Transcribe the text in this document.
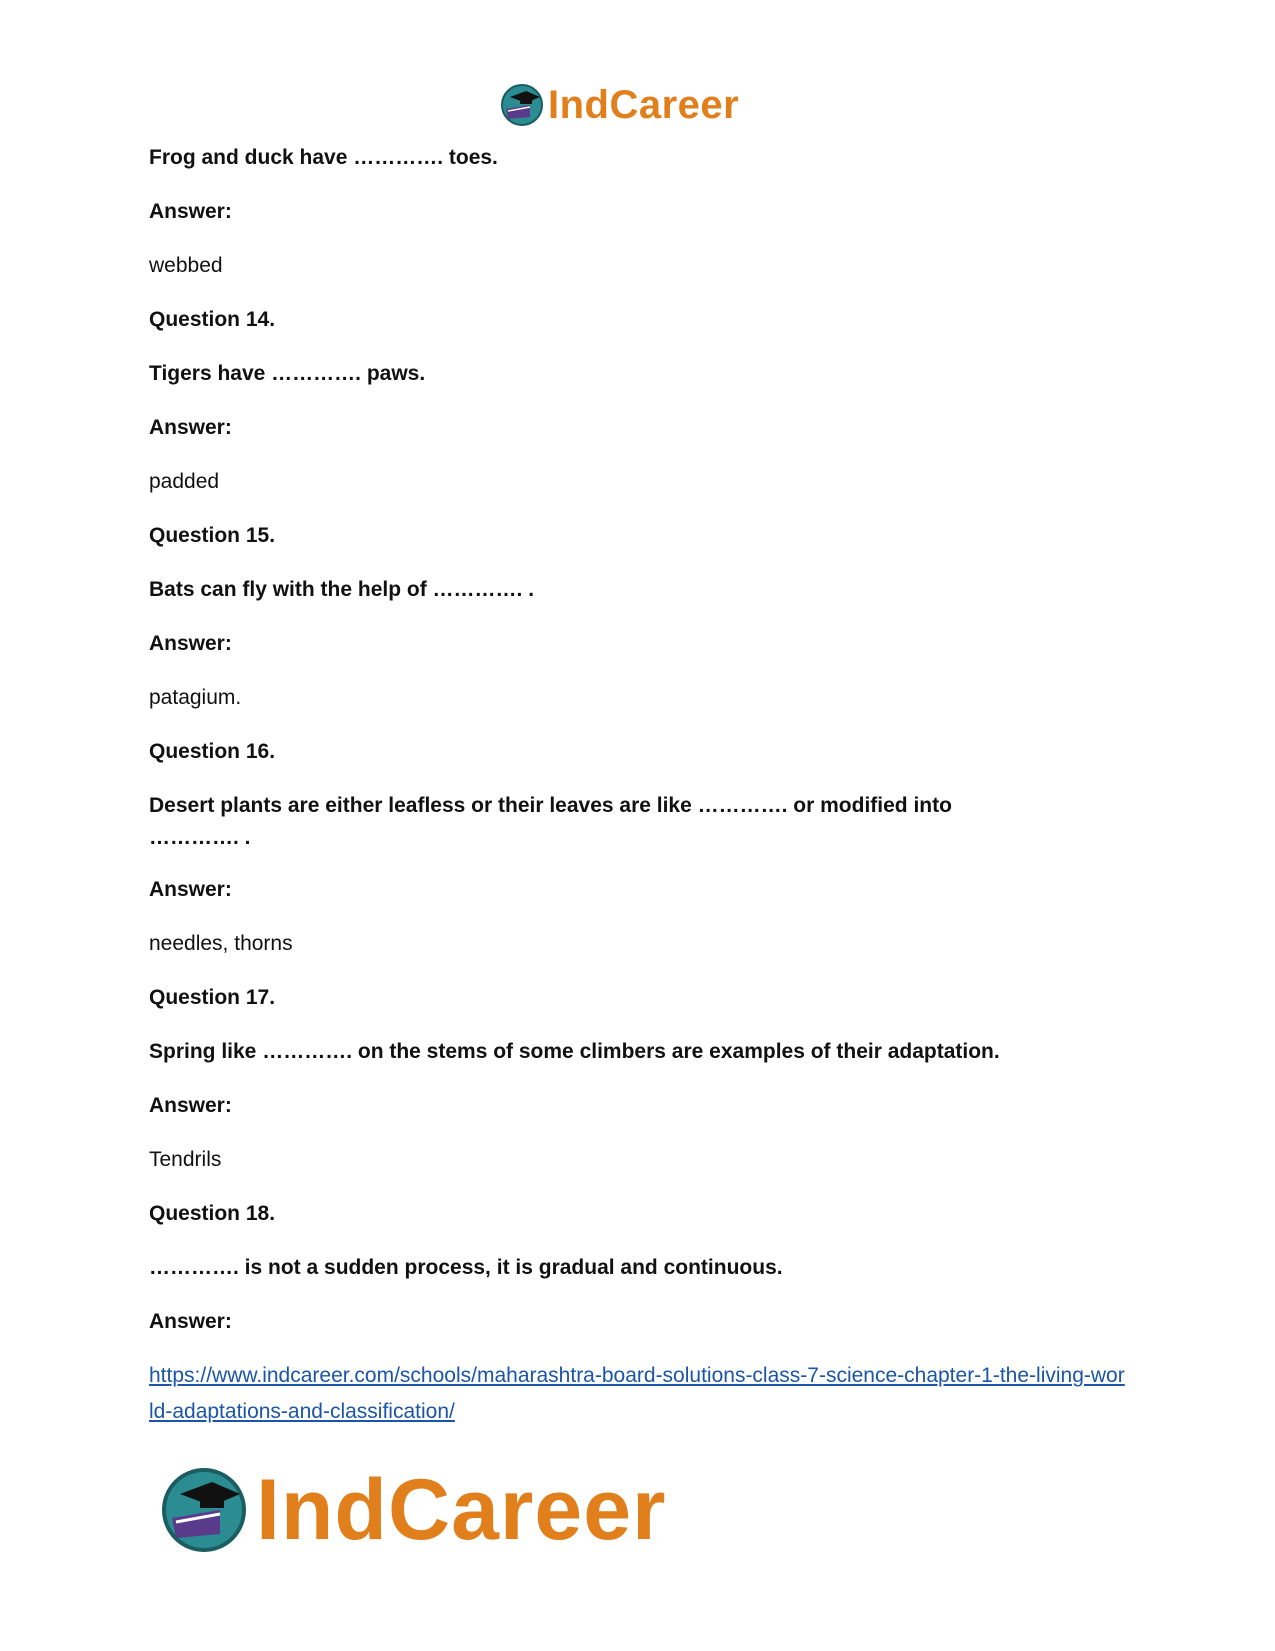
IndCareer
Frog and duck have …………. toes.
Answer:
webbed
Question 14.
Tigers have …………. paws.
Answer:
padded
Question 15.
Bats can fly with the help of …………. .
Answer:
patagium.
Question 16.
Desert plants are either leafless or their leaves are like …………. or modified into
…………. .
Answer:
needles, thorns
Question 17.
Spring like …………. on the stems of some climbers are examples of their adaptation.
Answer:
Tendrils
Question 18.
…………. is not a sudden process, it is gradual and continuous.
Answer:
https://www.indcareer.com/schools/maharashtra-board-solutions-class-7-science-chapter-1-the-living-world-adaptations-and-classification/
IndCareer
